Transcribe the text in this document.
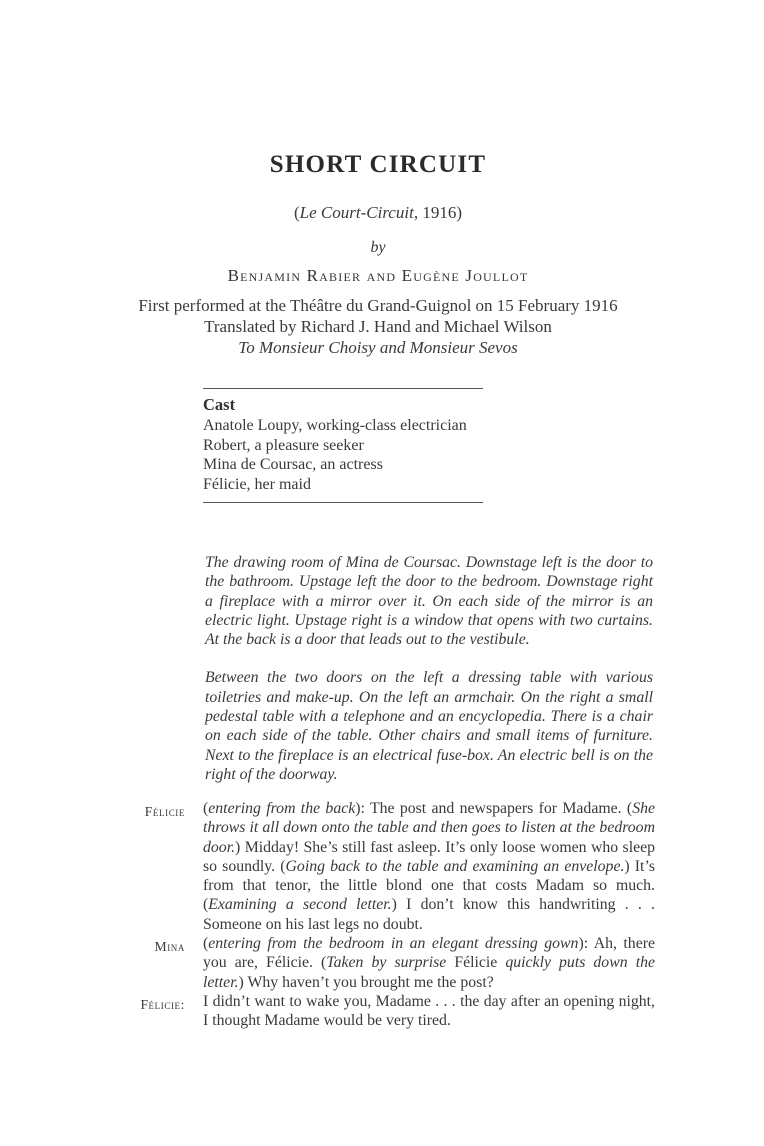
SHORT CIRCUIT
(Le Court-Circuit, 1916)
by
Benjamin Rabier and Eugène Joullot
First performed at the Théâtre du Grand-Guignol on 15 February 1916
Translated by Richard J. Hand and Michael Wilson
To Monsieur Choisy and Monsieur Sevos
Cast
Anatole Loupy, working-class electrician
Robert, a pleasure seeker
Mina de Coursac, an actress
Félicie, her maid

The drawing room of Mina de Coursac. Downstage left is the door to the bathroom. Upstage left the door to the bedroom. Downstage right a fireplace with a mirror over it. On each side of the mirror is an electric light. Upstage right is a window that opens with two curtains. At the back is a door that leads out to the vestibule.

Between the two doors on the left a dressing table with various toiletries and make-up. On the left an armchair. On the right a small pedestal table with a telephone and an encyclopedia. There is a chair on each side of the table. Other chairs and small items of furniture. Next to the fireplace is an electrical fuse-box. An electric bell is on the right of the doorway.

Félicie (entering from the back): The post and newspapers for Madame. (She throws it all down onto the table and then goes to listen at the bedroom door.) Midday! She’s still fast asleep. It’s only loose women who sleep so soundly. (Going back to the table and examining an envelope.) It’s from that tenor, the little blond one that costs Madam so much. (Examining a second letter.) I don’t know this handwriting . . . Someone on his last legs no doubt.
Mina (entering from the bedroom in an elegant dressing gown): Ah, there you are, Félicie. (Taken by surprise Félicie quickly puts down the letter.) Why haven’t you brought me the post?
Félicie: I didn’t want to wake you, Madame . . . the day after an opening night, I thought Madame would be very tired.
